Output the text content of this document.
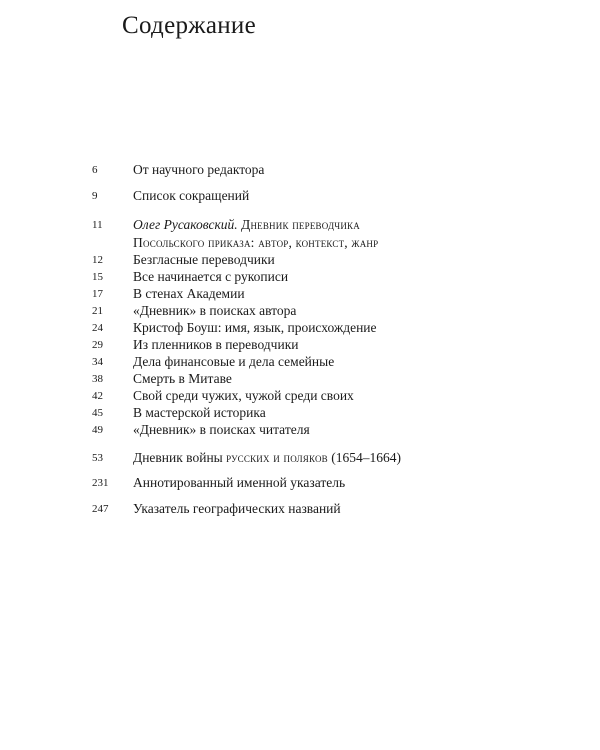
Содержание
6	От научного редактора
9	Список сокращений
11 Олег Русаковский. Дневник переводчика
Посольского приказа: автор, контекст, жанр
12 Безгласные переводчики
15 Все начинается с рукописи
17 В стенах Академии
21 «Дневник» в поисках автора
24 Кристоф Боуш: имя, язык, происхождение
29 Из пленников в переводчики
34 Дела финансовые и дела семейные
38 Смерть в Митаве
42 Свой среди чужих, чужой среди своих
45 В мастерской историка
49 «Дневник» в поисках читателя
53 Дневник войны русских и поляков (1654–1664)
231 Аннотированный именной указатель
247 Указатель географических названий
